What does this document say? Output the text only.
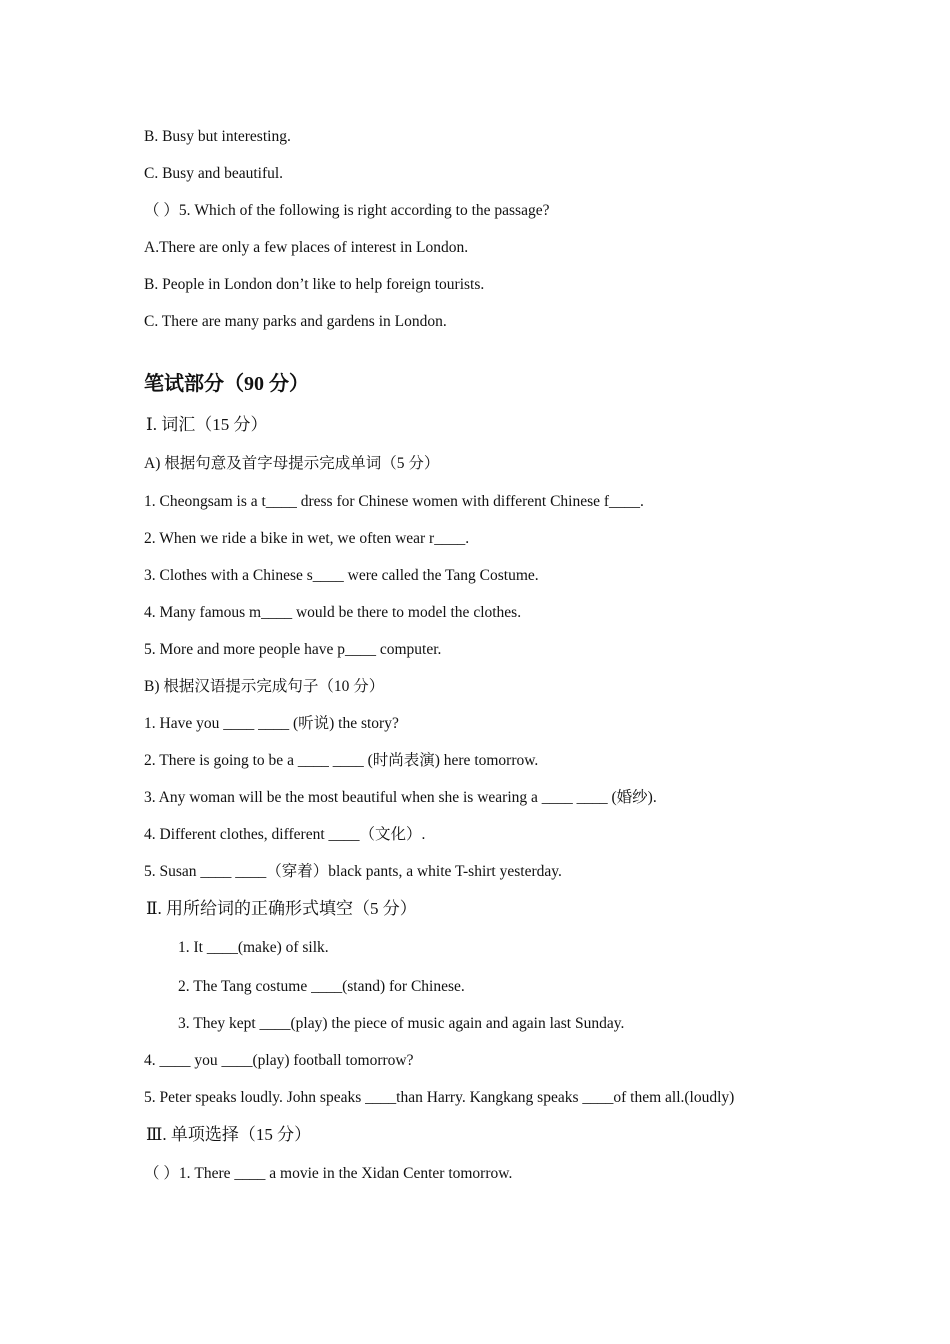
B. Busy but interesting.
C. Busy and beautiful.
（ ）5. Which of the following is right according to the passage?
A.There are only a few places of interest in London.
B. People in London don’t like to help foreign tourists.
C. There are many parks and gardens in London.
笔试部分（90 分）
Ⅰ. 词汇（15 分）
A) 根据句意及首字母提示完成单词（5 分）
1. Cheongsam is a t____ dress for Chinese women with different Chinese f____.
2. When we ride a bike in wet, we often wear r____.
3. Clothes with a Chinese s____ were called the Tang Costume.
4. Many famous m____ would be there to model the clothes.
5. More and more people have p____ computer.
B) 根据汉语提示完成句子（10 分）
1. Have you ____ ____ (听说) the story?
2. There is going to be a ____ ____ (时尚表演) here tomorrow.
3. Any woman will be the most beautiful when she is wearing a ____ ____ (婚纱).
4. Different clothes, different ____（文化）.
5. Susan ____ ____（穿着）black pants, a white T-shirt yesterday.
Ⅱ. 用所给词的正确形式填空（5 分）
1. It ____(make) of silk.
2. The Tang costume ____(stand) for Chinese.
3. They kept ____(play) the piece of music again and again last Sunday.
4. ____ you ____(play) football tomorrow?
5. Peter speaks loudly. John speaks ____than Harry. Kangkang speaks ____of them all.(loudly)
Ⅲ. 单项选择（15 分）
（ ）1. There ____ a movie in the Xidan Center tomorrow.
